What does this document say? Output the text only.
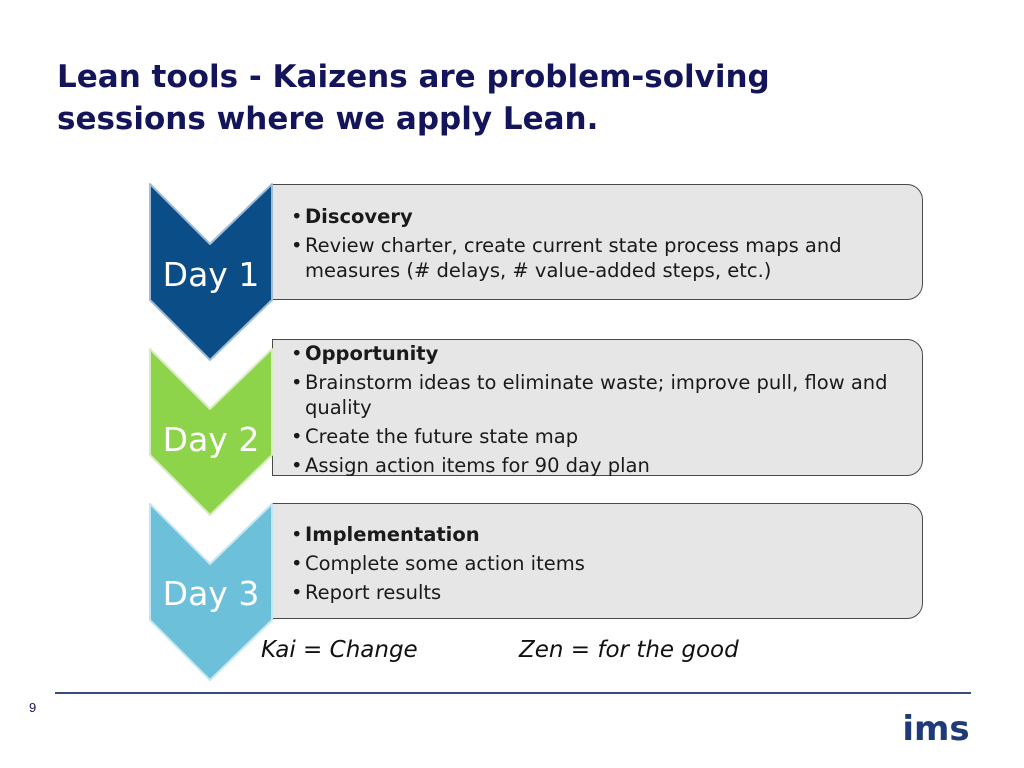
Lean tools - Kaizens are problem-solving
sessions where we apply Lean.
• Discovery
• Review charter, create current state process maps and measures (# delays, # value-added steps, etc.)
• Opportunity
• Brainstorm ideas to eliminate waste; improve pull, flow and quality
• Create the future state map
• Assign action items for 90 day plan
• Implementation
• Complete some action items
• Report results
Day 1
Day 2
Day 3
Kai = Change	Zen = for the good
9
ims
